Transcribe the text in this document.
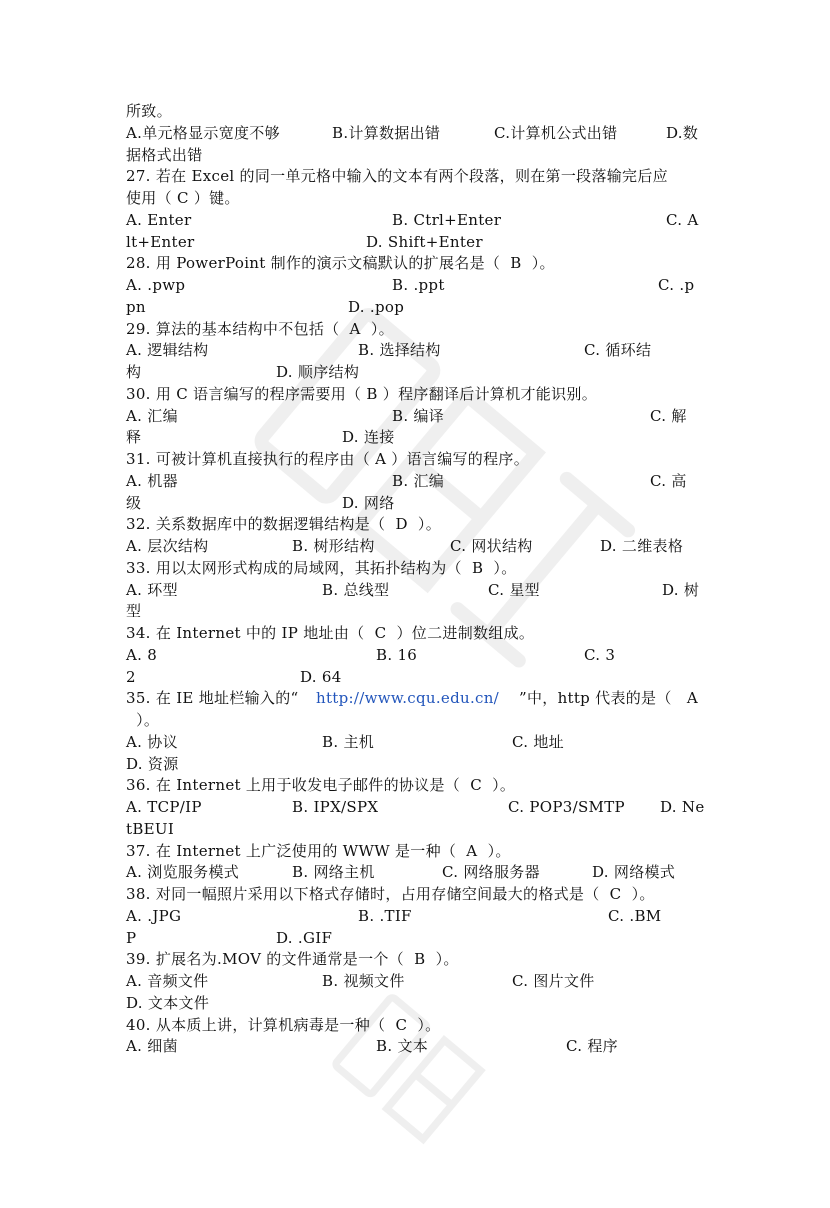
所致。
A.单元格显示宽度不够	B.计算数据出错	C.计算机公式出错	D.数
据格式出错
27. 若在 Excel 的同一单元格中输入的文本有两个段落，则在第一段落输完后应
使用（ C ）键。
A. Enter	B. Ctrl+Enter	C. A
lt+Enter	D. Shift+Enter
28. 用 PowerPoint 制作的演示文稿默认的扩展名是（  B  ）。
A. .pwp	B. .ppt	C. .p
pn	D. .pop
29. 算法的基本结构中不包括（  A  ）。
A. 逻辑结构	B. 选择结构	C. 循环结
构	D. 顺序结构
30. 用 C 语言编写的程序需要用（ B ）程序翻译后计算机才能识别。
A. 汇编	B. 编译	C. 解
释	D. 连接
31. 可被计算机直接执行的程序由（ A ）语言编写的程序。
A. 机器	B. 汇编	C. 高
级	D. 网络
32. 关系数据库中的数据逻辑结构是（  D  ）。
A. 层次结构	B. 树形结构	C. 网状结构	D. 二维表格
33. 用以太网形式构成的局域网，其拓扑结构为（  B  ）。
A. 环型	B. 总线型	C. 星型	D. 树
型
34. 在 Internet 中的 IP 地址由（  C  ）位二进制数组成。
A. 8	B. 16	C. 3
2	D. 64
35. 在 IE 地址栏输入的“ http://www.cqu.edu.cn/ ”中，http 代表的是（   A
）。
A. 协议	B. 主机	C. 地址
D. 资源
36. 在 Internet 上用于收发电子邮件的协议是（  C  ）。
A. TCP/IP	B. IPX/SPX	C. POP3/SMTP D. Ne
tBEUI
37. 在 Internet 上广泛使用的 WWW 是一种（  A  ）。
A. 浏览服务模式	B. 网络主机	C. 网络服务器	D. 网络模式
38. 对同一幅照片采用以下格式存储时，占用存储空间最大的格式是（  C  ）。
A. .JPG	B. .TIF	C. .BM
P	D. .GIF
39. 扩展名为.MOV 的文件通常是一个（  B  ）。
A. 音频文件	B. 视频文件	C. 图片文件
D. 文本文件
40. 从本质上讲，计算机病毒是一种（  C  ）。
A. 细菌	B. 文本	C. 程序
